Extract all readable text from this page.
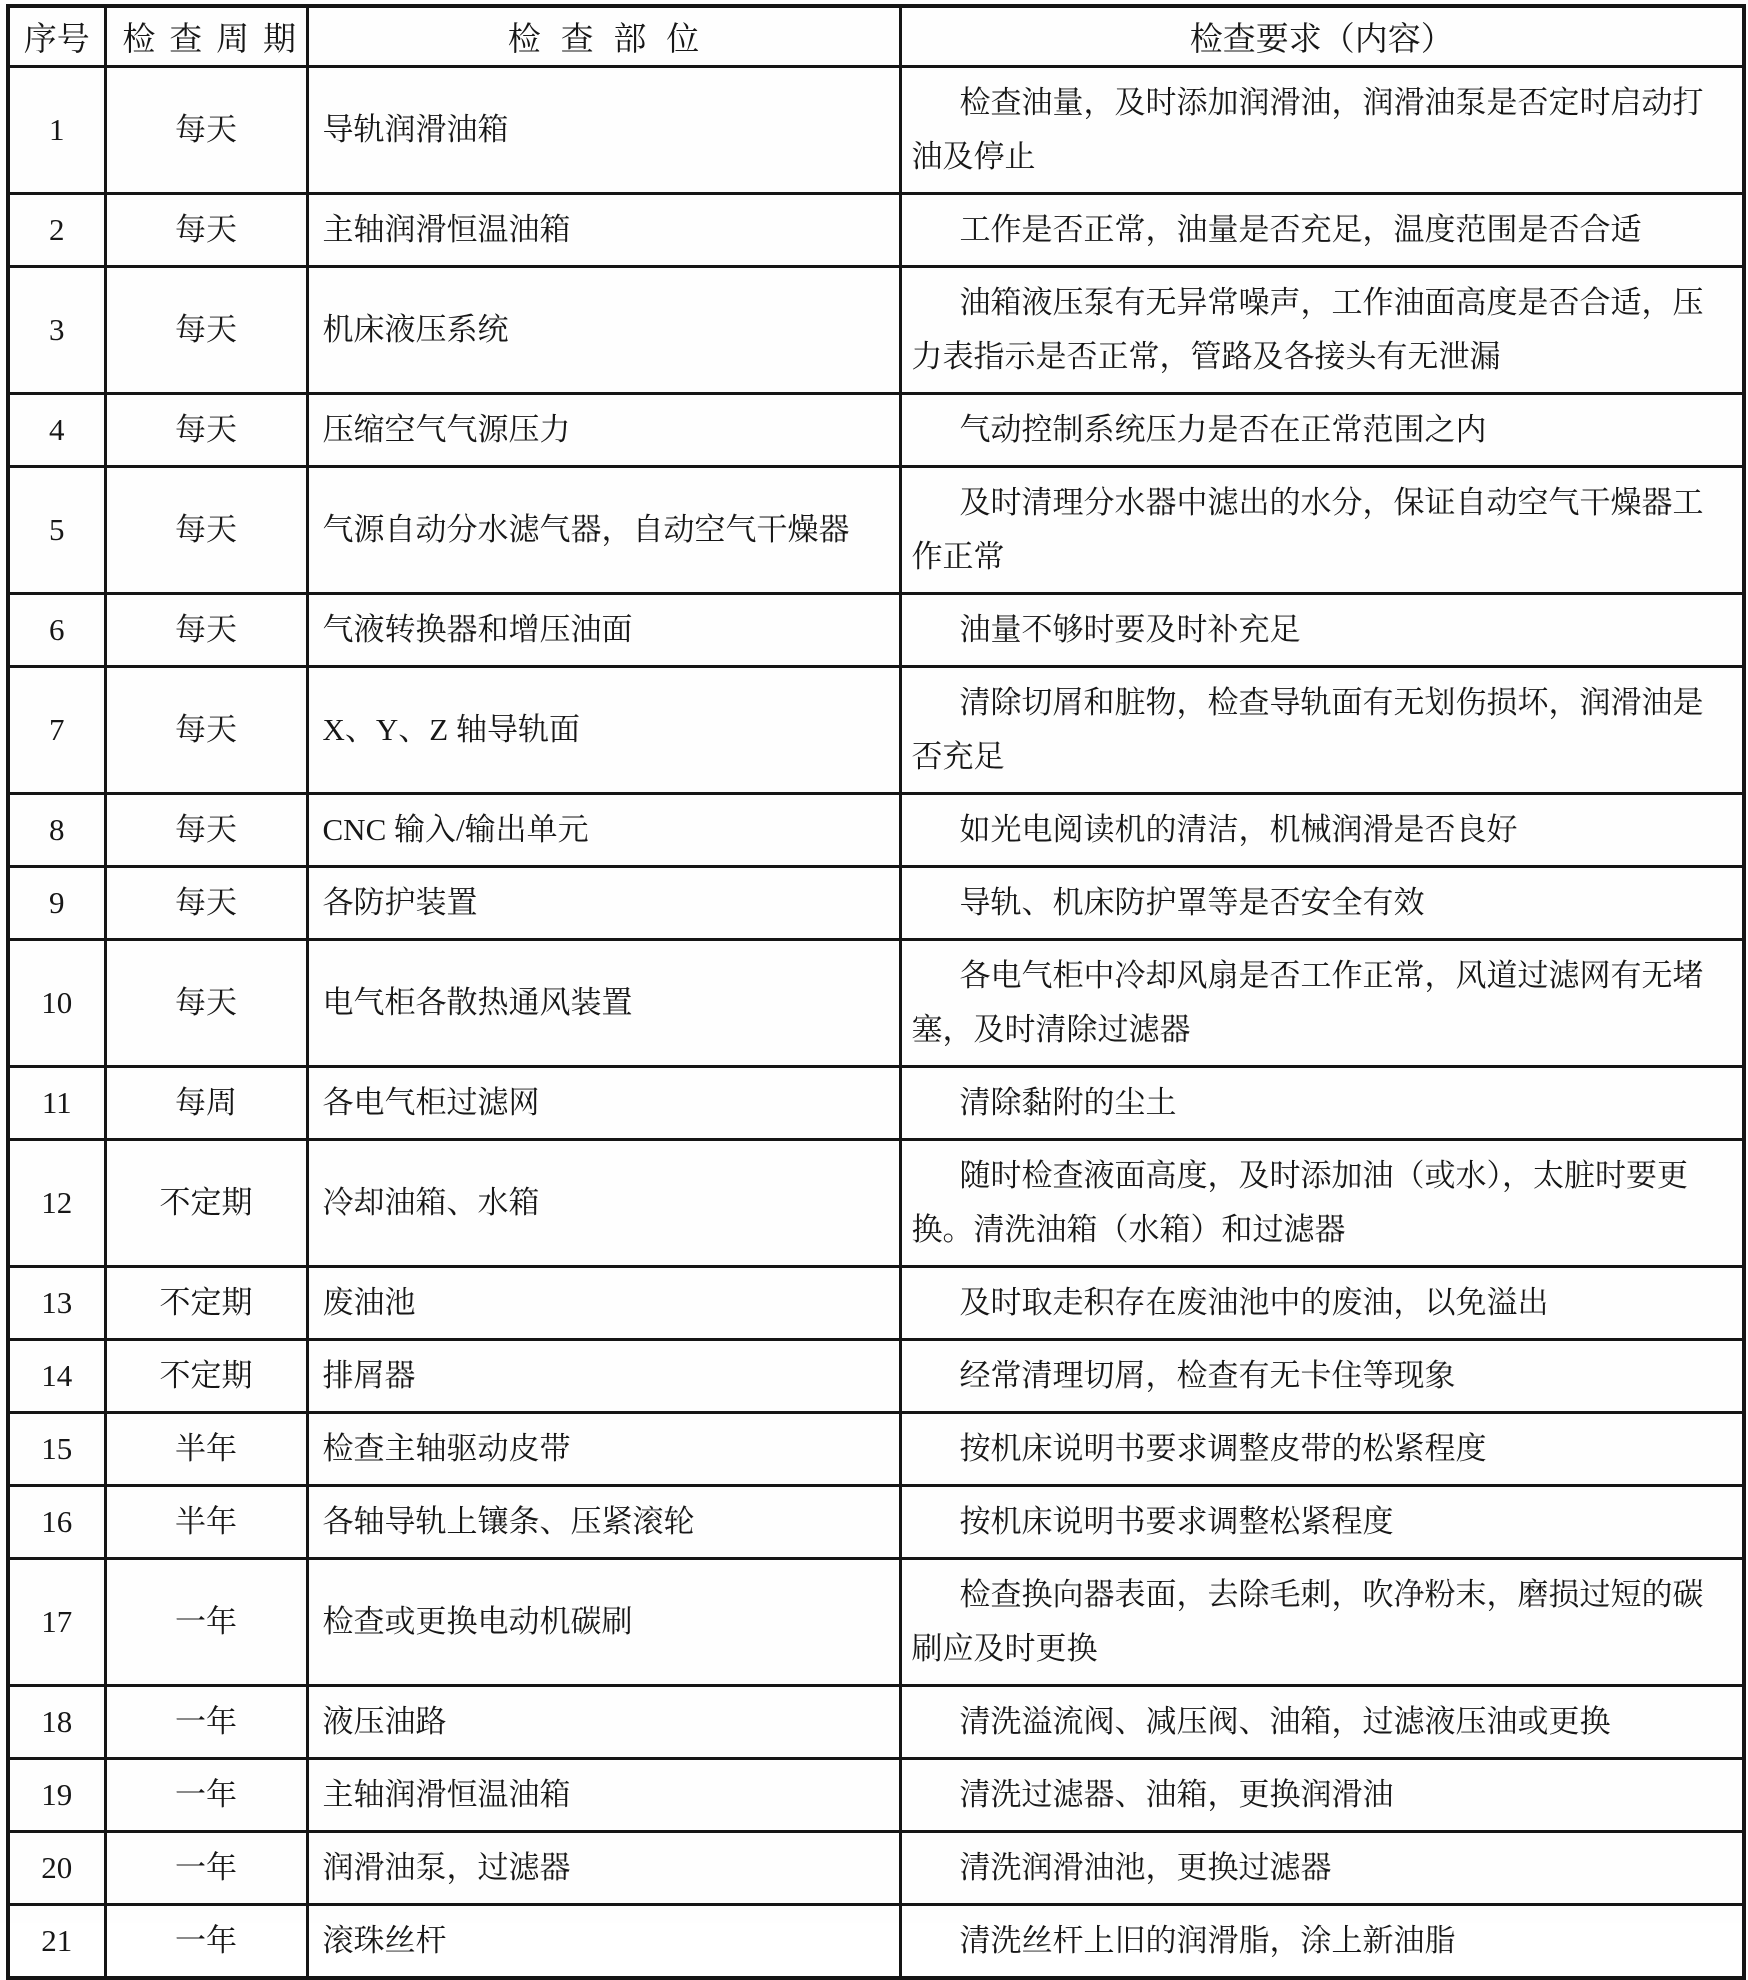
序号	检查周期	检查部位	检查要求（内容）
1	每天	导轨润滑油箱	检查油量，及时添加润滑油，润滑油泵是否定时启动打油及停止
2	每天	主轴润滑恒温油箱	工作是否正常，油量是否充足，温度范围是否合适
3	每天	机床液压系统	油箱液压泵有无异常噪声，工作油面高度是否合适，压力表指示是否正常，管路及各接头有无泄漏
4	每天	压缩空气气源压力	气动控制系统压力是否在正常范围之内
5	每天	气源自动分水滤气器，自动空气干燥器	及时清理分水器中滤出的水分，保证自动空气干燥器工作正常
6	每天	气液转换器和增压油面	油量不够时要及时补充足
7	每天	X、Y、Z 轴导轨面	清除切屑和脏物，检查导轨面有无划伤损坏，润滑油是否充足
8	每天	CNC 输入/输出单元	如光电阅读机的清洁，机械润滑是否良好
9	每天	各防护装置	导轨、机床防护罩等是否安全有效
10	每天	电气柜各散热通风装置	各电气柜中冷却风扇是否工作正常，风道过滤网有无堵塞，及时清除过滤器
11	每周	各电气柜过滤网	清除黏附的尘土
12	不定期	冷却油箱、水箱	随时检查液面高度，及时添加油（或水），太脏时要更换。清洗油箱（水箱）和过滤器
13	不定期	废油池	及时取走积存在废油池中的废油，以免溢出
14	不定期	排屑器	经常清理切屑，检查有无卡住等现象
15	半年	检查主轴驱动皮带	按机床说明书要求调整皮带的松紧程度
16	半年	各轴导轨上镶条、压紧滚轮	按机床说明书要求调整松紧程度
17	一年	检查或更换电动机碳刷	检查换向器表面，去除毛刺，吹净粉末，磨损过短的碳刷应及时更换
18	一年	液压油路	清洗溢流阀、减压阀、油箱，过滤液压油或更换
19	一年	主轴润滑恒温油箱	清洗过滤器、油箱，更换润滑油
20	一年	润滑油泵，过滤器	清洗润滑油池，更换过滤器
21	一年	滚珠丝杆	清洗丝杆上旧的润滑脂，涂上新油脂
